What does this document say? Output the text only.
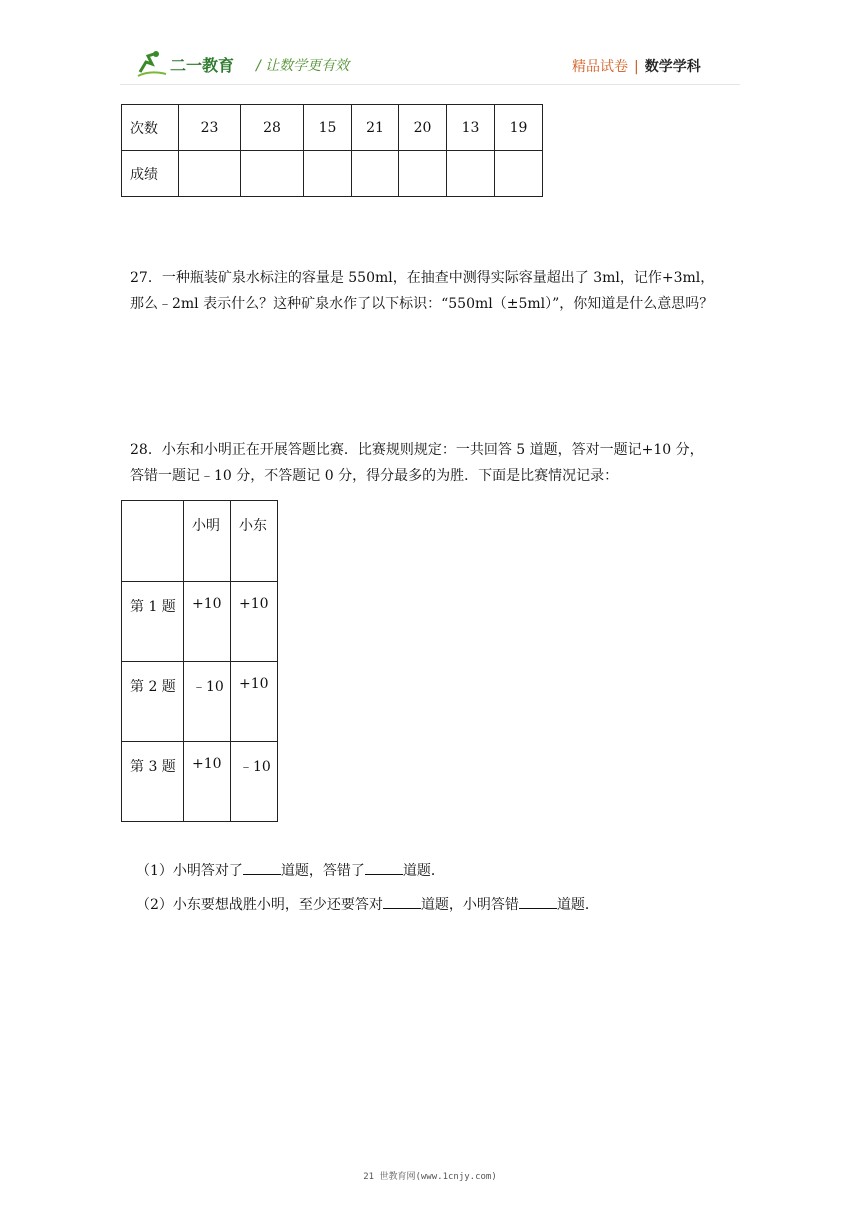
二一教育 / 让数学更有效	精品试卷 | 数学学科
次数	23	28	15	21	20	13	19
成绩							
27．一种瓶装矿泉水标注的容量是 550ml，在抽查中测得实际容量超出了 3ml，记作+3ml，
那么﹣2ml 表示什么？这种矿泉水作了以下标识：“550ml（±5ml）”，你知道是什么意思吗？
28．小东和小明正在开展答题比赛．比赛规则规定：一共回答 5 道题，答对一题记+10 分，
答错一题记﹣10 分，不答题记 0 分，得分最多的为胜．下面是比赛情况记录：
	小明	小东
第 1 题	+10	+10
第 2 题	﹣10	+10
第 3 题	+10	﹣10
（1）小明答对了	道题，答错了	道题．
（2）小东要想战胜小明，至少还要答对	道题，小明答错	道题．
21 世教育网(www.1cnjy.com)
